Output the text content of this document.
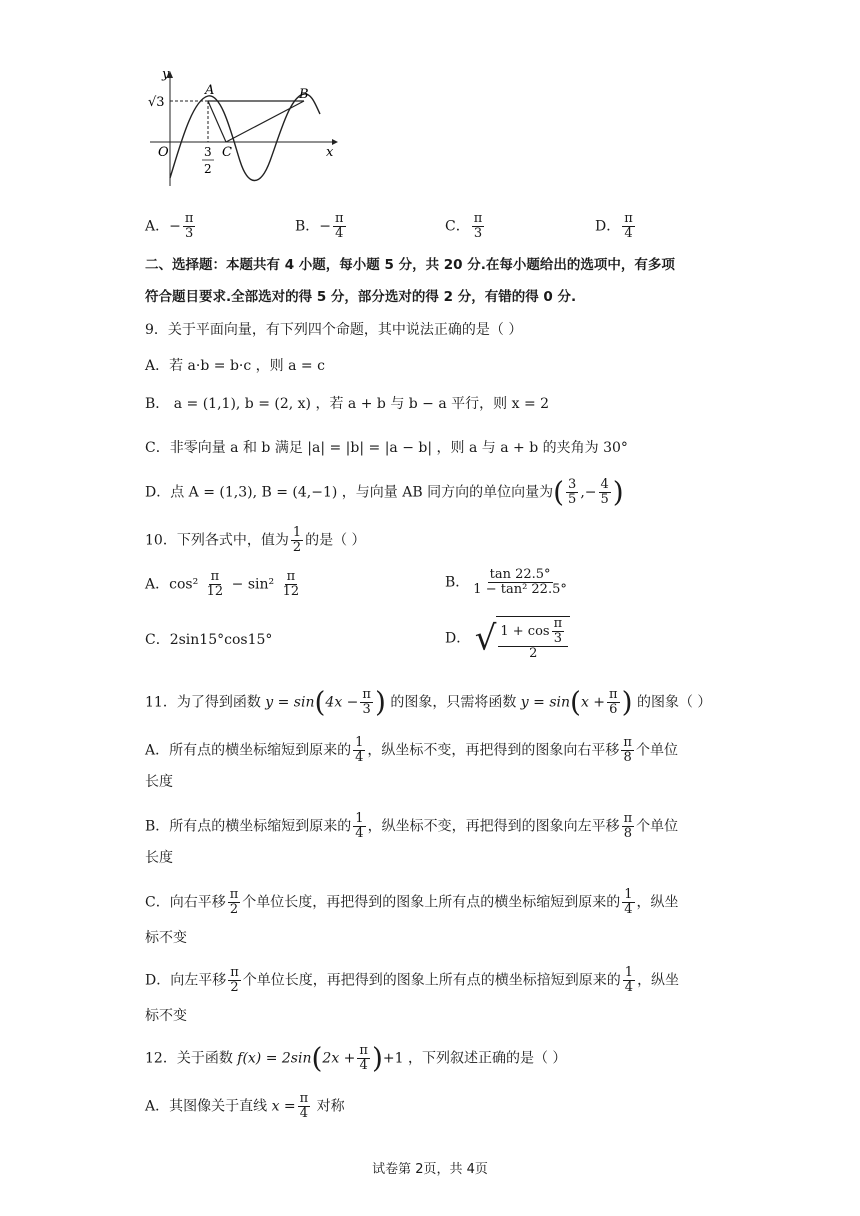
y
x
O
√3
A	B
C
3
2
A．− $\frac{\pi}{3}$	B．− $\frac{\pi}{4}$	C． $\frac{\pi}{3}$	D． $\frac{\pi}{4}$
二、选择题：本题共有 4 小题，每小题 5 分，共 20 分.在每小题给出的选项中，有多项
符合题目要求.全部选对的得 5 分，部分选对的得 2 分，有错的得 0 分.
9．关于平面向量，有下列四个命题，其中说法正确的是（ ）
A．若 a·b = b·c ，则 a = c
B． a = (1,1), b = (2, x) ，若 a + b 与 b − a 平行，则 x = 2
C．非零向量 a 和 b 满足 |a| = |b| = |a − b| ，则 a 与 a + b 的夹角为 30°
D．点 A = (1,3), B = (4,−1) ，与向量 AB 同方向的单位向量为( $\frac{3}{5}$ ,− $\frac{4}{5}$ )
10．下列各式中，值为 $\frac{1}{2}$ 的是（ ）
A．$\cos^2 \frac{\pi}{12} - \sin^2 \frac{\pi}{12}$	B． $\frac{\tan 22.5^\circ}{\text{1 − tan² 22.5°}}$
C．2sin15°cos15°	D． √ $\frac{1 + \cos \frac{\pi}{3}}{2}$
11．为了得到函数 $y = \sin(4x - \frac{\pi}{3}$ ) 的图象，只需将函数 $y = \sin(x + \frac{\pi}{6}$ ) 的图象（ ）
A．所有点的横坐标缩短到原来的 $\frac{1}{4}$ ，纵坐标不变，再把得到的图象向右平移 $\frac{\pi}{8}$ 个单位
长度
B．所有点的横坐标缩短到原来的 $\frac{1}{4}$ ，纵坐标不变，再把得到的图象向左平移 $\frac{\pi}{8}$ 个单位
长度
C．向右平移 $\frac{\pi}{2}$ 个单位长度，再把得到的图象上所有点的横坐标缩短到原来的 $\frac{1}{4}$ ，纵坐
标不变
D．向左平移 $\frac{\pi}{2}$ 个单位长度，再把得到的图象上所有点的横坐标揞短到原来的 $\frac{1}{4}$ ，纵坐
标不变
12．关于函数 $f(x) = 2\sin(2x + \frac{\pi}{4} )+1$ ，下列叙述正确的是（ ）
A．其图像关于直线 $x = \frac{\pi}{4}$ 对称
试卷第 2页，共 4页
